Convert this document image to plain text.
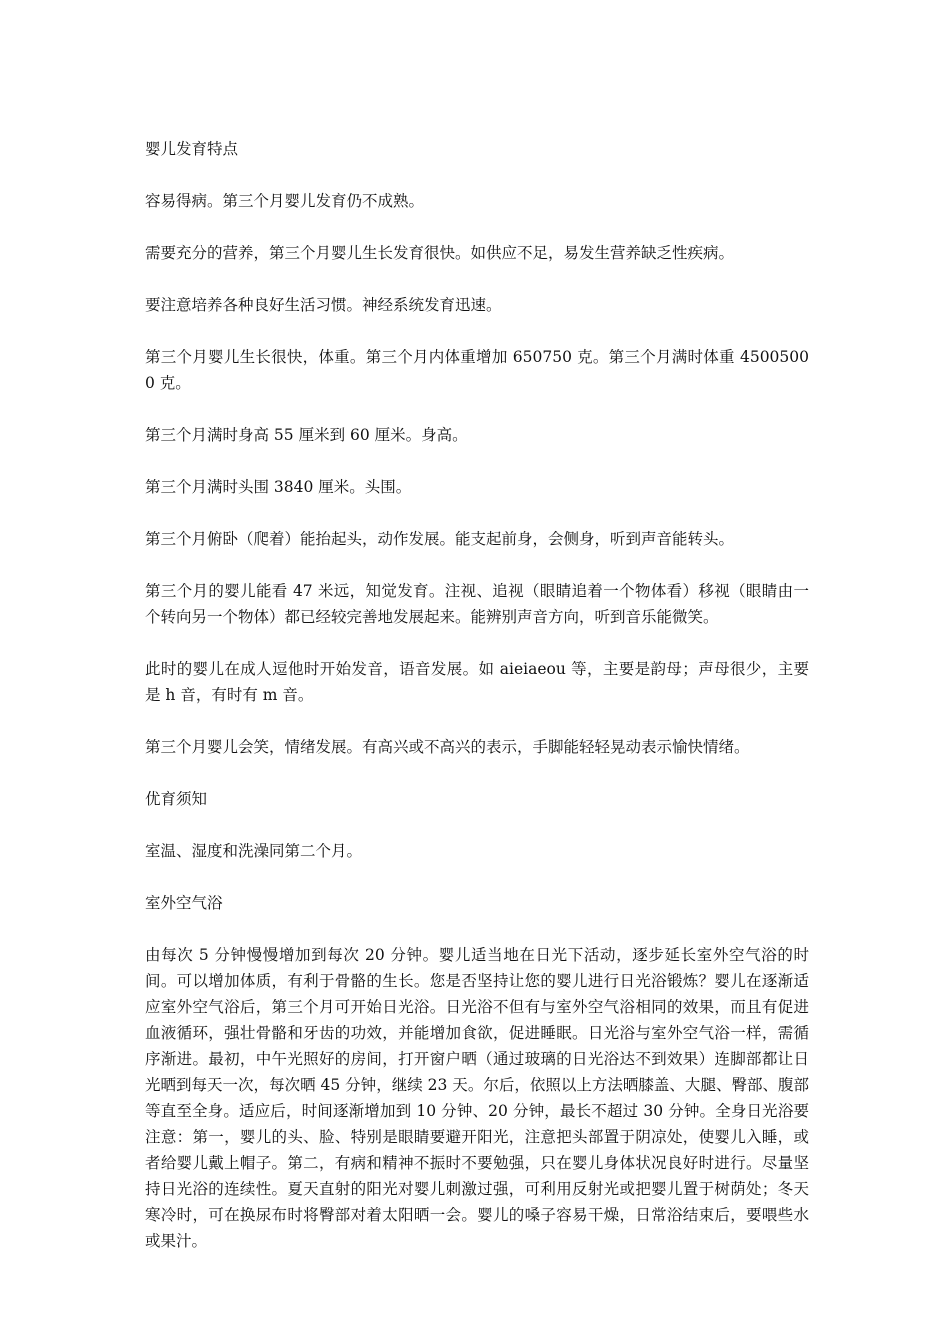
婴儿发育特点

容易得病。第三个月婴儿发育仍不成熟。

需要充分的营养，第三个月婴儿生长发育很快。如供应不足，易发生营养缺乏性疾病。

要注意培养各种良好生活习惯。神经系统发育迅速。

第三个月婴儿生长很快，体重。第三个月内体重增加 650750 克。第三个月满时体重 45005000 克。

第三个月满时身高 55 厘米到 60 厘米。身高。

第三个月满时头围 3840 厘米。头围。

第三个月俯卧（爬着）能抬起头，动作发展。能支起前身，会侧身，听到声音能转头。

第三个月的婴儿能看 47 米远，知觉发育。注视、追视（眼睛追着一个物体看）移视（眼睛由一个转向另一个物体）都已经较完善地发展起来。能辨别声音方向，听到音乐能微笑。

此时的婴儿在成人逗他时开始发音，语音发展。如 aieiaeou 等，主要是韵母；声母很少，主要是 h 音，有时有 m 音。

第三个月婴儿会笑，情绪发展。有高兴或不高兴的表示，手脚能轻轻晃动表示愉快情绪。

优育须知

室温、湿度和洗澡同第二个月。

室外空气浴

由每次 5 分钟慢慢增加到每次 20 分钟。婴儿适当地在日光下活动，逐步延长室外空气浴的时间。可以增加体质，有利于骨骼的生长。您是否坚持让您的婴儿进行日光浴锻炼？婴儿在逐渐适应室外空气浴后，第三个月可开始日光浴。日光浴不但有与室外空气浴相同的效果，而且有促进血液循环，强壮骨骼和牙齿的功效，并能增加食欲，促进睡眠。日光浴与室外空气浴一样，需循序渐进。最初，中午光照好的房间，打开窗户晒（通过玻璃的日光浴达不到效果）连脚部都让日光晒到每天一次，每次晒 45 分钟，继续 23 天。尔后，依照以上方法晒膝盖、大腿、臀部、腹部等直至全身。适应后，时间逐渐增加到 10 分钟、20 分钟，最长不超过 30 分钟。全身日光浴要注意：第一，婴儿的头、脸、特别是眼睛要避开阳光，注意把头部置于阴凉处，使婴儿入睡，或者给婴儿戴上帽子。第二，有病和精神不振时不要勉强，只在婴儿身体状况良好时进行。尽量坚持日光浴的连续性。夏天直射的阳光对婴儿刺激过强，可利用反射光或把婴儿置于树荫处；冬天寒冷时，可在换尿布时将臀部对着太阳晒一会。婴儿的嗓子容易干燥，日常浴结束后，要喂些水或果汁。
